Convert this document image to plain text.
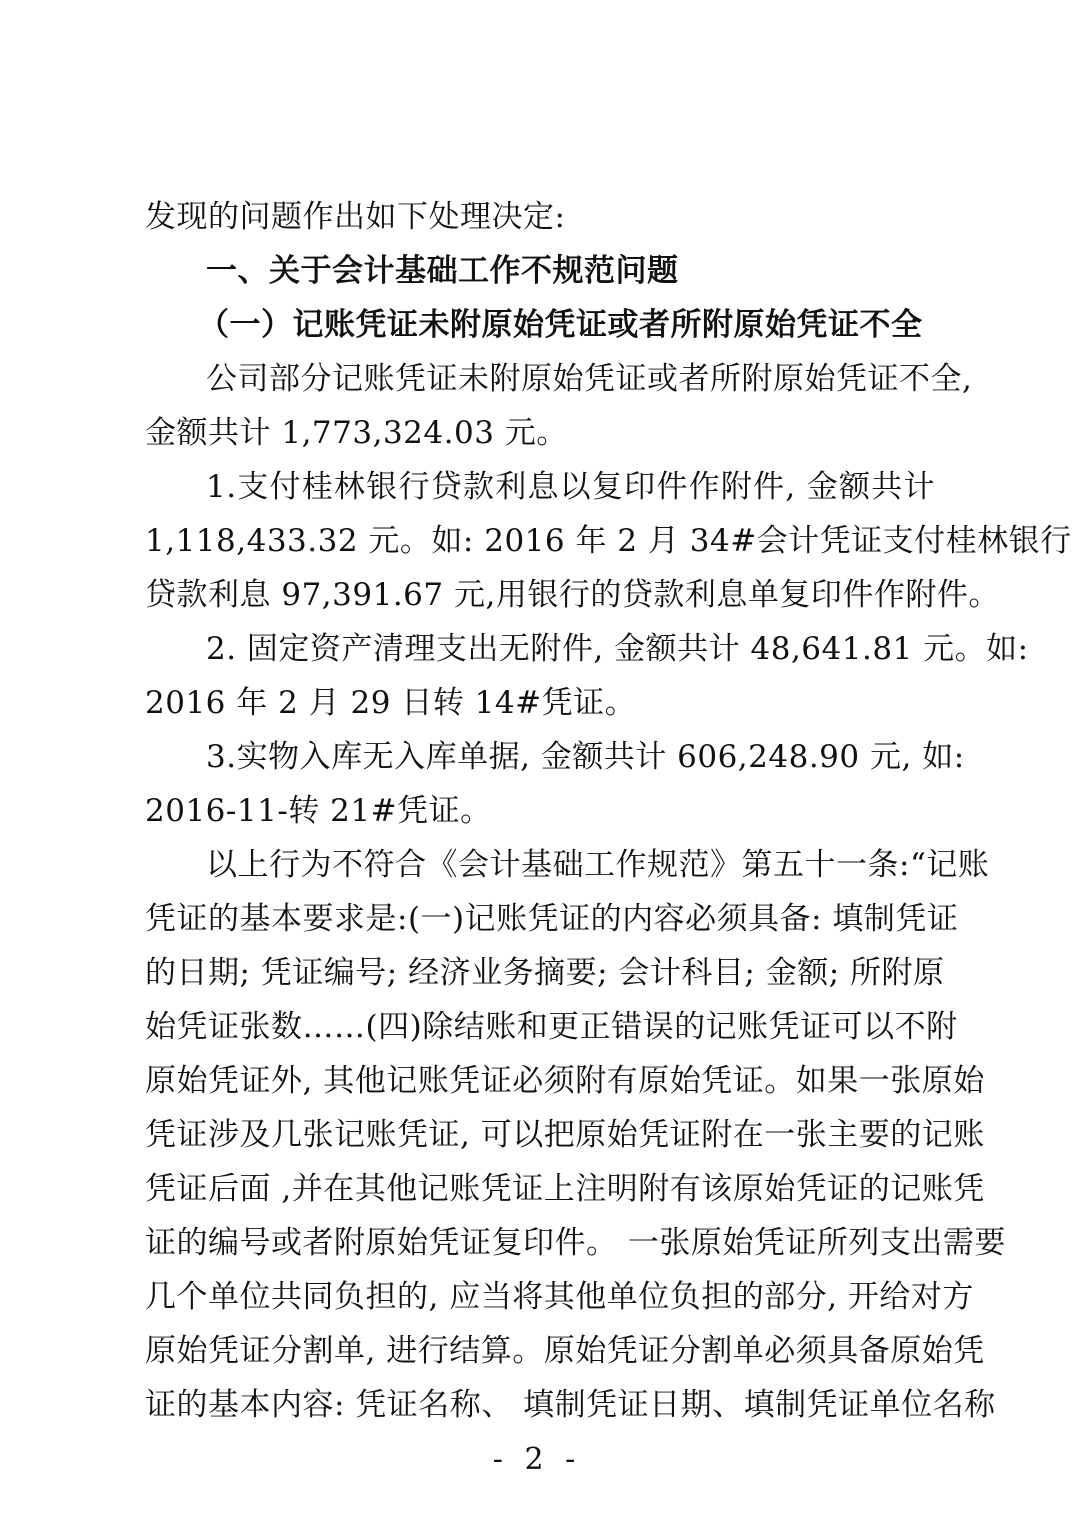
发现的问题作出如下处理决定:
一、关于会计基础工作不规范问题
（一）记账凭证未附原始凭证或者所附原始凭证不全
公司部分记账凭证未附原始凭证或者所附原始凭证不全,
金额共计 1,773,324.03 元。
1.支付桂林银行贷款利息以复印件作附件, 金额共计
1,118,433.32 元。如: 2016 年 2 月 34#会计凭证支付桂林银行
贷款利息 97,391.67 元,用银行的贷款利息单复印件作附件。
2. 固定资产清理支出无附件, 金额共计 48,641.81 元。如:
2016 年 2 月 29 日转 14#凭证。
3.实物入库无入库单据, 金额共计 606,248.90 元, 如:
2016-11-转 21#凭证。
以上行为不符合《会计基础工作规范》第五十一条:“记账
凭证的基本要求是:(一)记账凭证的内容必须具备: 填制凭证
的日期; 凭证编号; 经济业务摘要; 会计科目; 金额; 所附原
始凭证张数……(四)除结账和更正错误的记账凭证可以不附
原始凭证外, 其他记账凭证必须附有原始凭证。如果一张原始
凭证涉及几张记账凭证, 可以把原始凭证附在一张主要的记账
凭证后面 ,并在其他记账凭证上注明附有该原始凭证的记账凭
证的编号或者附原始凭证复印件。 一张原始凭证所列支出需要
几个单位共同负担的, 应当将其他单位负担的部分, 开给对方
原始凭证分割单, 进行结算。原始凭证分割单必须具备原始凭
证的基本内容: 凭证名称、 填制凭证日期、填制凭证单位名称
- 2 -
